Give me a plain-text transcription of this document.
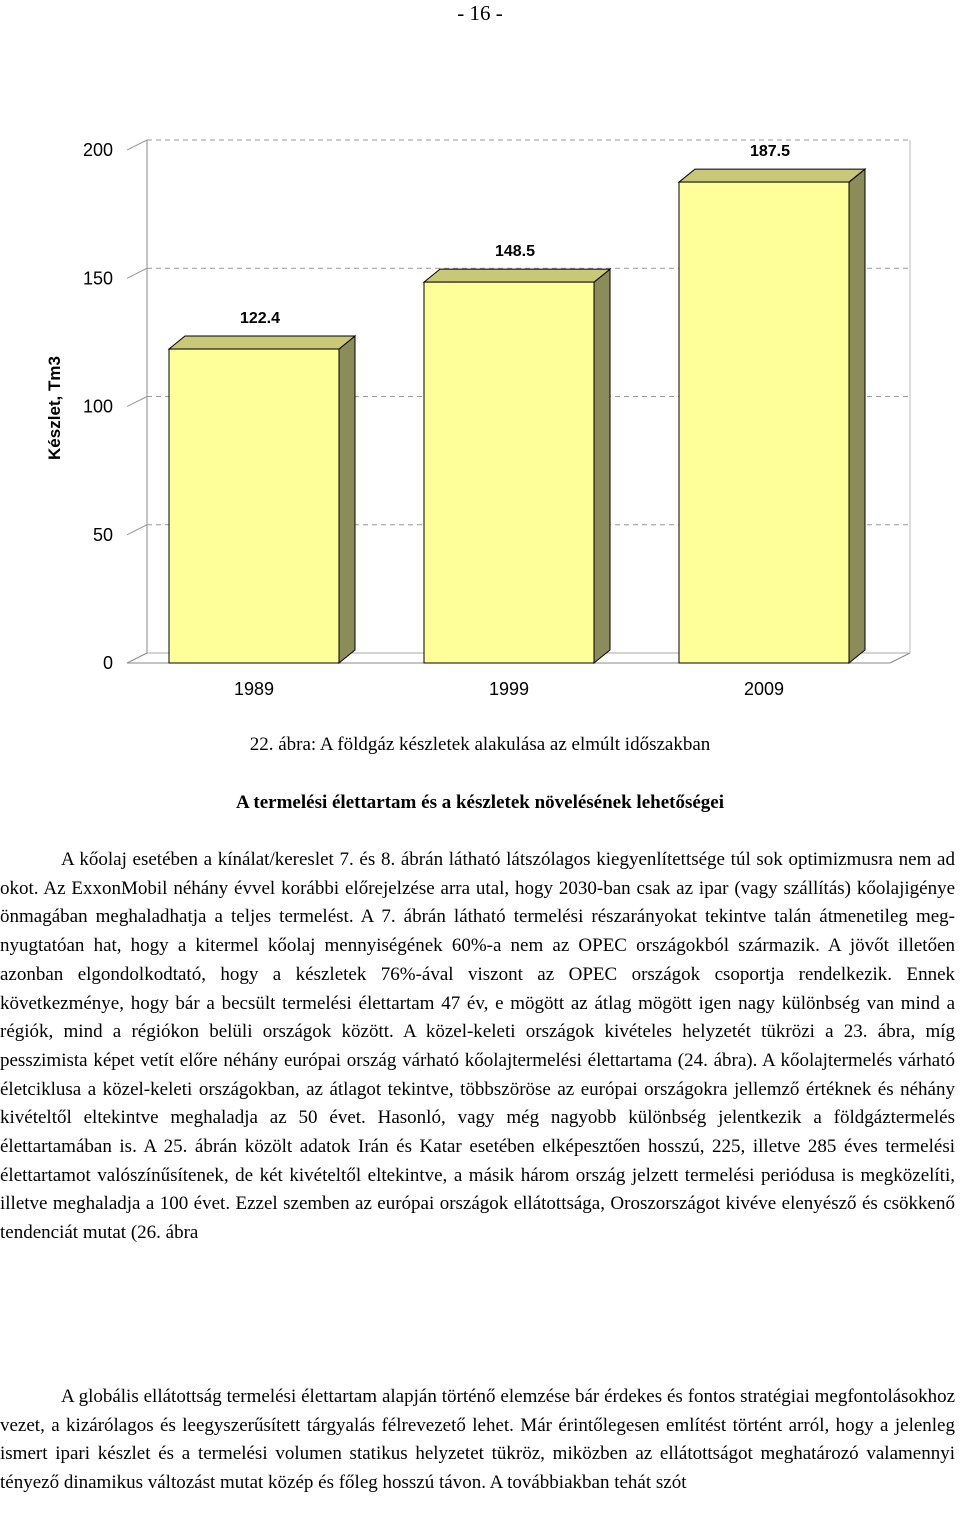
- 16 -
0
50
100
150
200
122.4
148.5
187.5
1989	1999	2009
Készlet, Tm3
22. ábra: A földgáz készletek alakulása az elmúlt időszakban
A termelési élettartam és a készletek növelésének lehetőségei

A kőolaj esetében a kínálat/kereslet 7. és 8. ábrán látható látszólagos kiegyenlítettsége túl sok optimizmusra nem ad okot. Az ExxonMobil néhány évvel korábbi előrejelzése arra utal, hogy 2030-ban csak az ipar (vagy szállítás) kőolajigénye önmagában meghaladhatja a teljes termelést. A 7. ábrán látható termelési részarányokat tekintve talán átmenetileg megnyugtatóan hat, hogy a kitermel kőolaj mennyiségének 60%-a nem az OPEC országokból származik. A jövőt illetően azonban elgondolkodtató, hogy a készletek 76%-ával viszont az OPEC országok csoportja rendelkezik. Ennek következménye, hogy bár a becsült termelési élettartam 47 év, e mögött az átlag mögött igen nagy különbség van mind a régiók, mind a régiókon belüli országok között. A közel-keleti országok kivételes helyzetét tükrözi a 23. ábra, míg pesszimista képet vetít előre néhány európai ország várható kőolajtermelési élettartama (24. ábra). A kőolajtermelés várható életciklusa a közel-keleti országokban, az átlagot tekintve, többszöröse az európai országokra jellemző értéknek és néhány kivételtől eltekintve meghaladja az 50 évet. Hasonló, vagy még nagyobb különbség jelentkezik a földgáztermelés élettartamában is. A 25. ábrán közölt adatok Irán és Katar esetében elképesztően hosszú, 225, illetve 285 éves termelési élettartamot valószínűsítenek, de két kivételtől eltekintve, a másik három ország jelzett termelési periódusa is megközelíti, illetve meghaladja a 100 évet. Ezzel szemben az európai országok ellátottsága, Oroszországot kivéve elenyésző és csökkenő tendenciát mutat (26. ábra

A globális ellátottság termelési élettartam alapján történő elemzése bár érdekes és fontos stratégiai megfontolásokhoz vezet, a kizárólagos és leegyszerűsített tárgyalás félrevezető lehet. Már érintőlegesen említést történt arról, hogy a jelenleg ismert ipari készlet és a termelési volumen statikus helyzetet tükröz, miközben az ellátottságot meghatározó valamennyi tényező dinamikus változást mutat közép és főleg hosszú távon. A továbbiakban tehát szót
